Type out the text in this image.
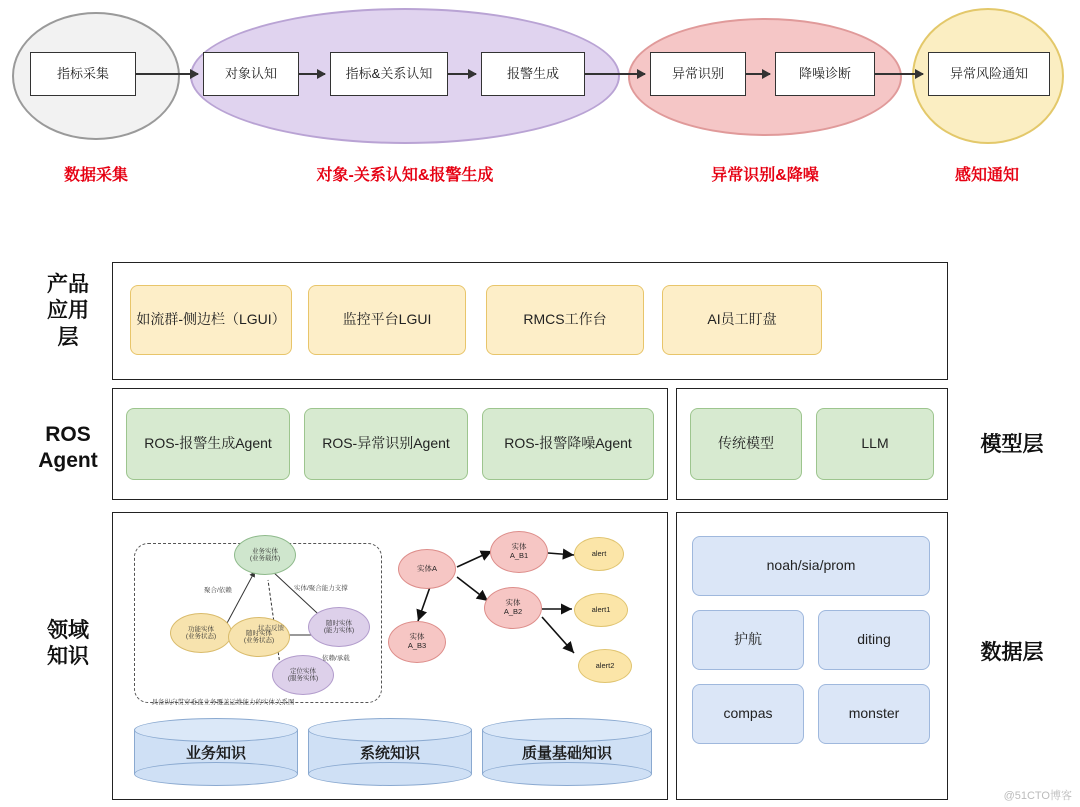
指标采集	对象认知	指标&关系认知	报警生成	异常识别	降噪诊断	异常风险通知
数据采集	对象-关系认知&报警生成	异常识别&降噪	感知通知
产品
应用
层
如流群-侧边栏（LGUI）	监控平台LGUI	RMCS工作台	AI员工盯盘
ROS
Agent
ROS-报警生成Agent	ROS-异常识别Agent	ROS-报警降噪Agent	传统模型	LLM	模型层
领域
知识	数据层
noah/sia/prom
护航	diting
compas	monster
业务知识	系统知识	质量基础知识
业务实体
(业务载体)
功能实体
(业务状态)	随时实体
(业务状态)
随时实体
(能力实体)
定位实体
(服务实体)
聚合/依赖	实体/聚合能力支撑
状态反馈
依赖/承载
具备纵向贯穿垂直业务覆盖运维能力的实体关系图
实体A
实体
A_B1
实体
A_B2
实体
A_B3
alert
alert1
alert2
@51CTO博客
